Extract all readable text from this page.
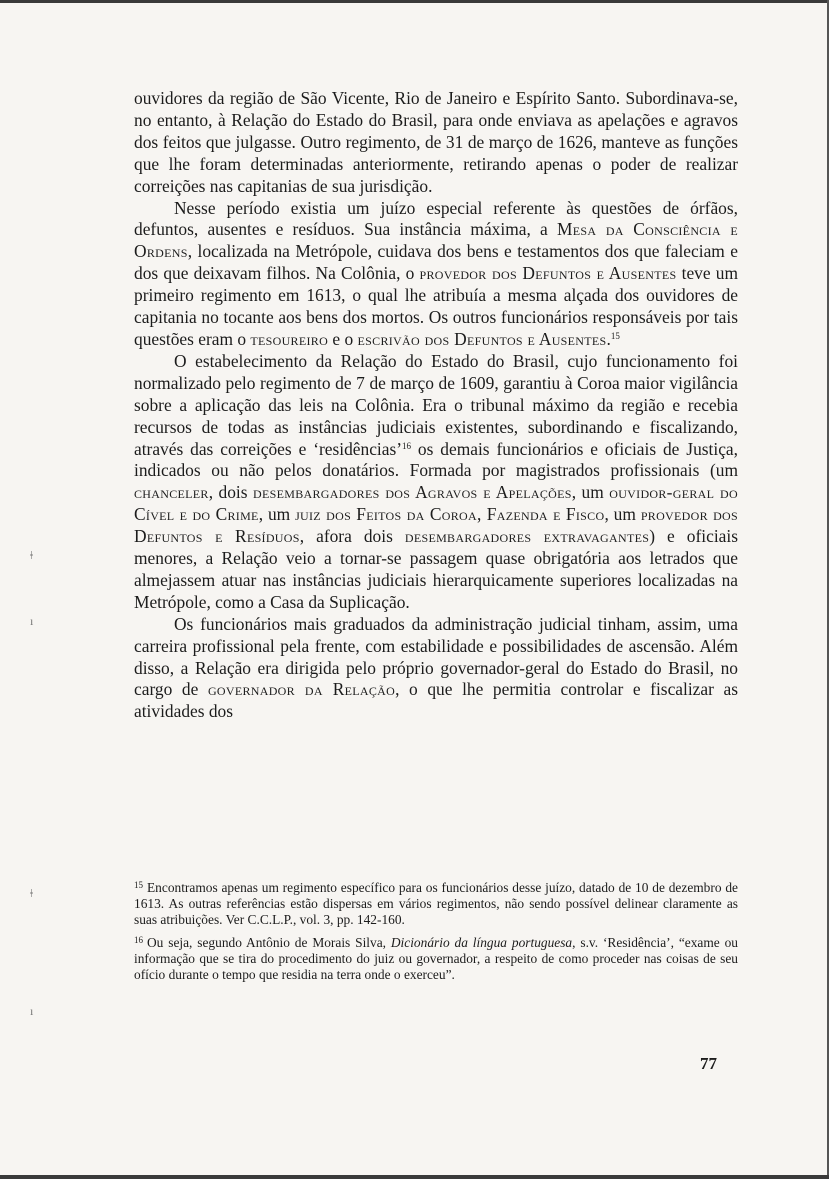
ǂ
ı
ǂ
ı

ouvidores da região de São Vicente, Rio de Janeiro e Espírito Santo. Subordinava-se, no entanto, à Relação do Estado do Brasil, para onde enviava as apelações e agravos dos feitos que julgasse. Outro regimento, de 31 de março de 1626, manteve as funções que lhe foram determinadas anteriormente, retirando apenas o poder de realizar correições nas capitanias de sua jurisdição.

Nesse período existia um juízo especial referente às questões de órfãos, defuntos, ausentes e resíduos. Sua instância máxima, a Mesa da Consciência e Ordens, localizada na Metrópole, cuidava dos bens e testamentos dos que faleciam e dos que deixavam filhos. Na Colônia, o provedor dos Defuntos e Ausentes teve um primeiro regimento em 1613, o qual lhe atribuía a mesma alçada dos ouvidores de capitania no tocante aos bens dos mortos. Os outros funcionários responsáveis por tais questões eram o tesoureiro e o escrivão dos Defuntos e Ausentes.$^{15}$

O estabelecimento da Relação do Estado do Brasil, cujo funcionamento foi normalizado pelo regimento de 7 de março de 1609, garantiu à Coroa maior vigilância sobre a aplicação das leis na Colônia. Era o tribunal máximo da região e recebia recursos de todas as instâncias judiciais existentes, subordinando e fiscalizando, através das correições e ‘residências’$^{16}$ os demais funcionários e oficiais de Justiça, indicados ou não pelos donatários. Formada por magistrados profissionais (um chanceler, dois desembargadores dos Agravos e Apelações, um ouvidor-geral do Cível e do Crime, um juiz dos Feitos da Coroa, Fazenda e Fisco, um provedor dos Defuntos e Resíduos, afora dois desembargadores extravagantes) e oficiais menores, a Relação veio a tornar-se passagem quase obrigatória aos letrados que almejassem atuar nas instâncias judiciais hierarquicamente superiores localizadas na Metrópole, como a Casa da Suplicação.

Os funcionários mais graduados da administração judicial tinham, assim, uma carreira profissional pela frente, com estabilidade e possibilidades de ascensão. Além disso, a Relação era dirigida pelo próprio governador-geral do Estado do Brasil, no cargo de governador da Relação, o que lhe permitia controlar e fiscalizar as atividades dos

$^{15}$ Encontramos apenas um regimento específico para os funcionários desse juízo, datado de 10 de dezembro de 1613. As outras referências estão dispersas em vários regimentos, não sendo possível delinear claramente as suas atribuições. Ver C.C.L.P., vol. 3, pp. 142-160.

$^{16}$ Ou seja, segundo Antônio de Morais Silva, Dicionário da língua portuguesa, s.v. ‘Residência’, “exame ou informação que se tira do procedimento do juiz ou governador, a respeito de como proceder nas coisas de seu ofício durante o tempo que residia na terra onde o exerceu”.

77
